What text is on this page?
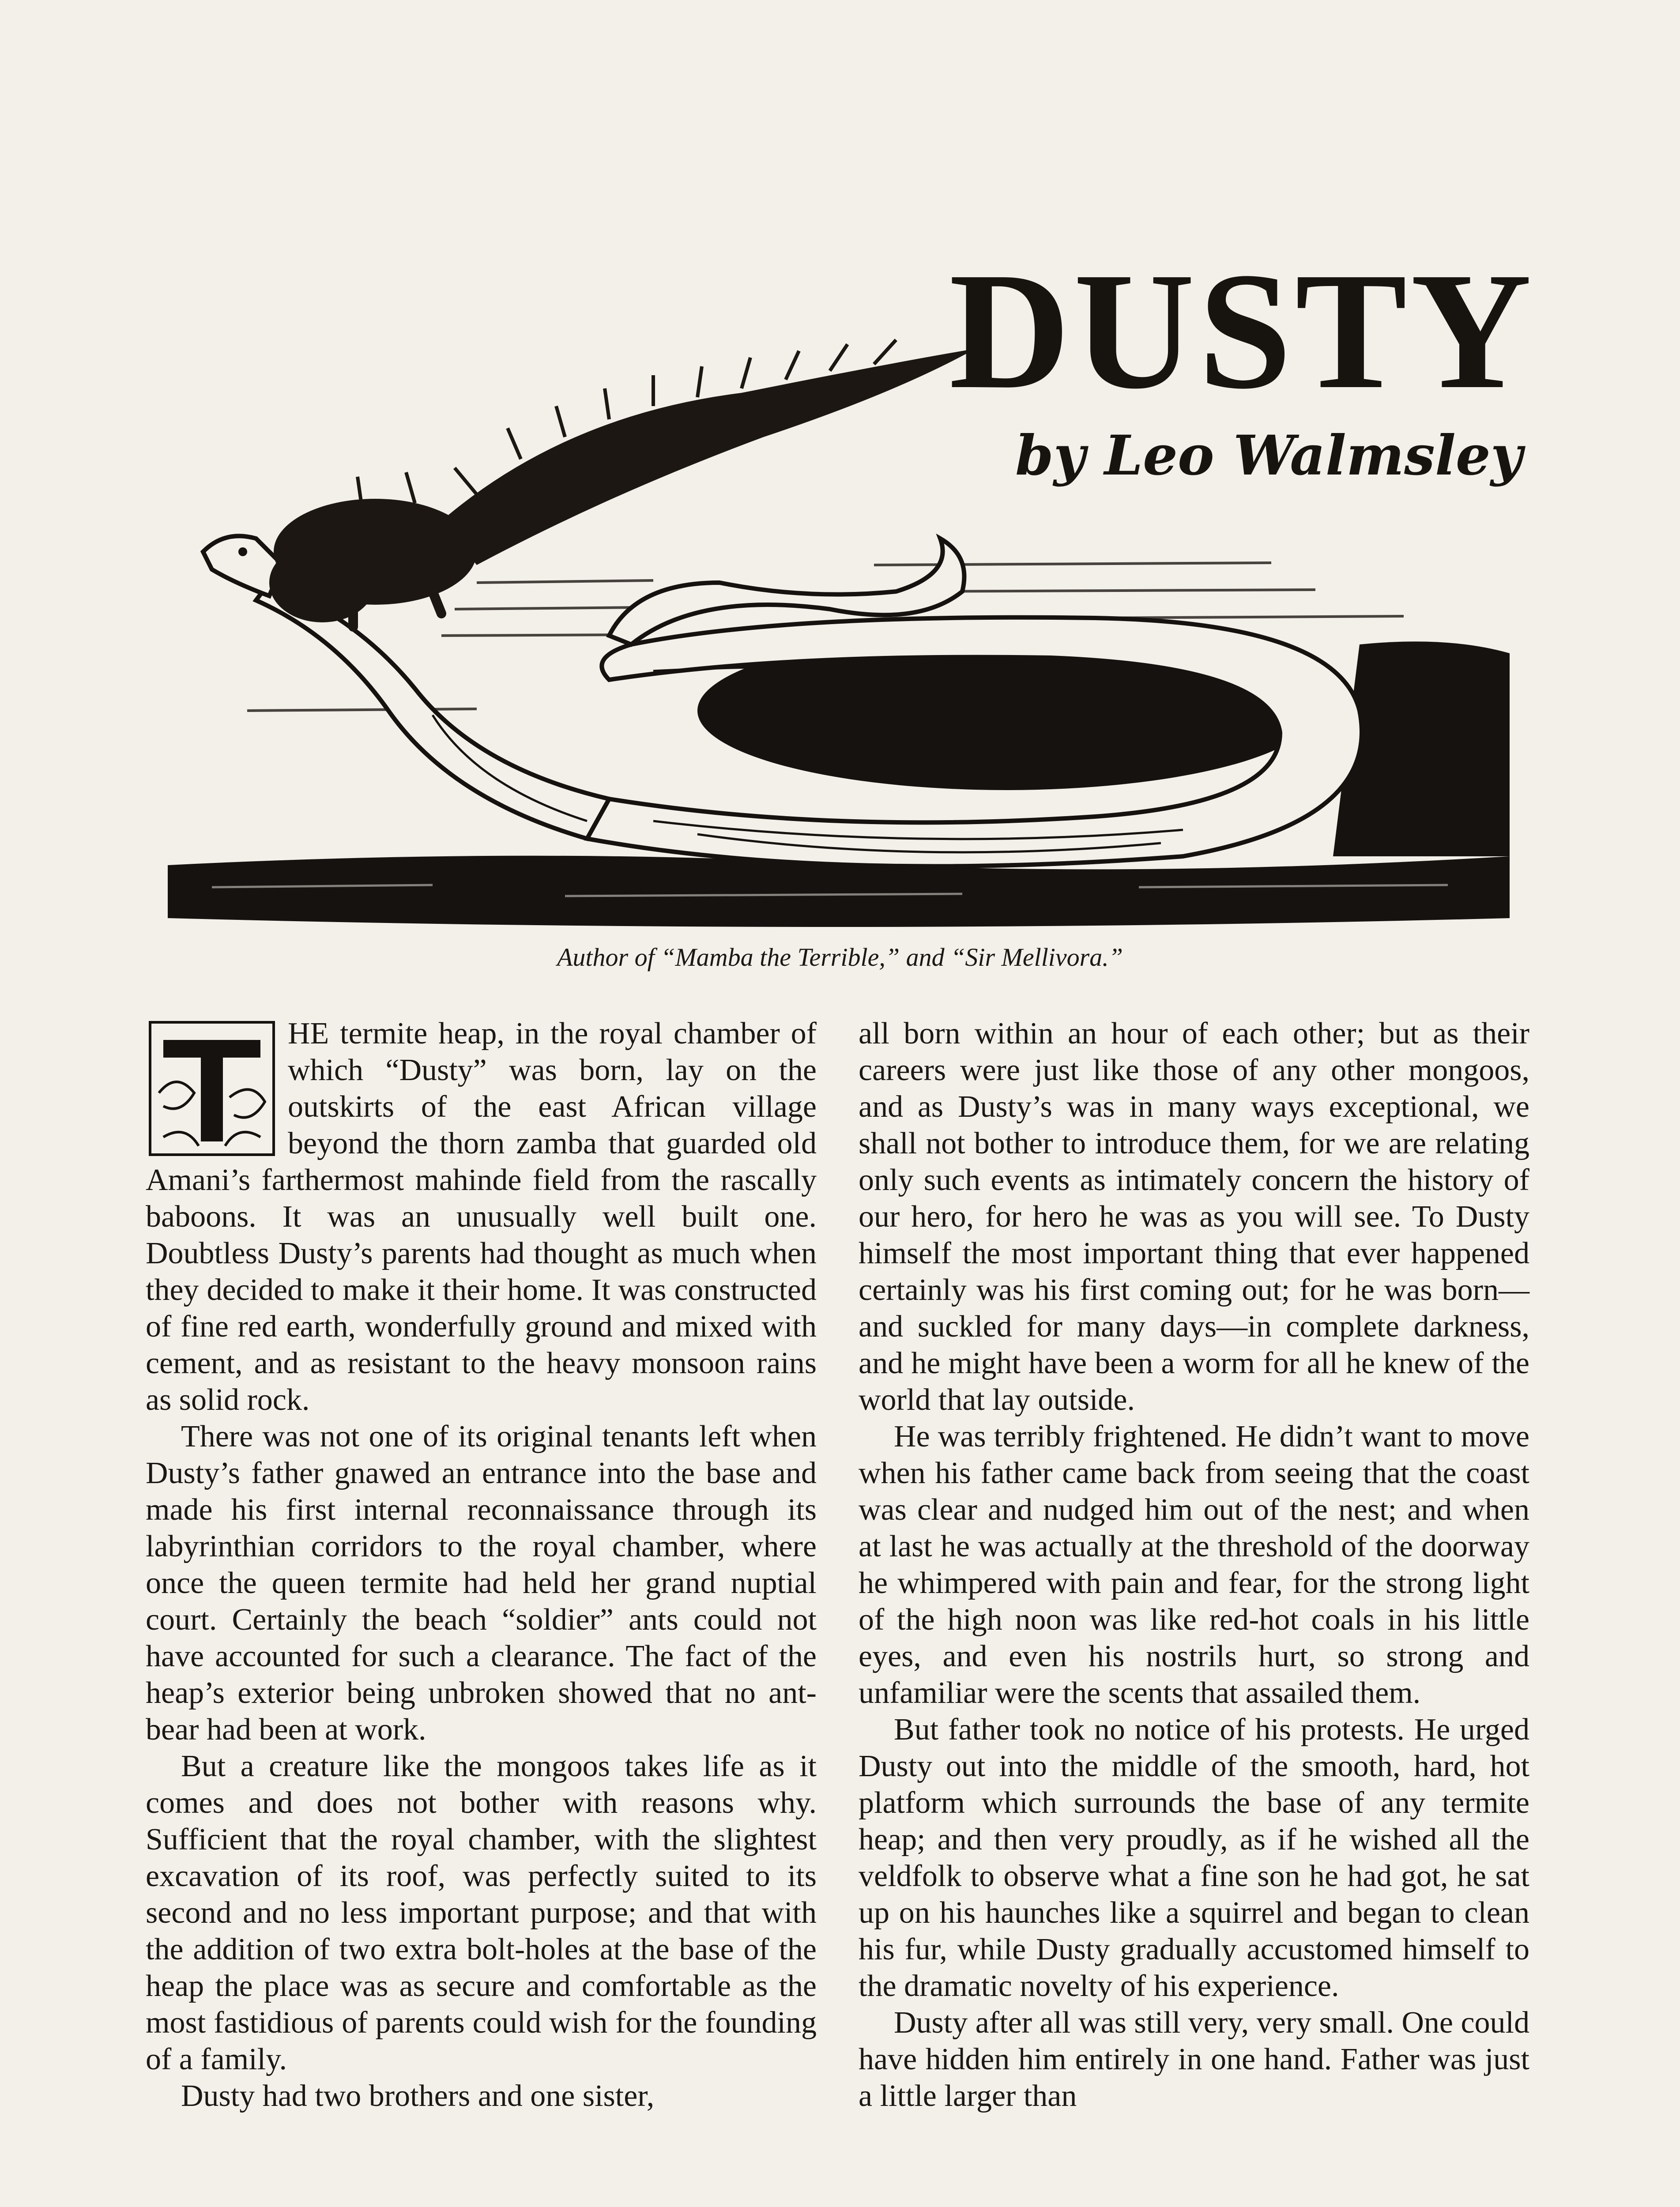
DUSTY

by Leo Walmsley

Author of “Mamba the Terrible,” and “Sir Mellivora.”

HE termite heap, in the royal chamber of which “Dusty” was born, lay on the outskirts of the east African village beyond the thorn zamba that guarded old Amani’s farthermost mahinde field from the rascally baboons. It was an unusually well built one. Doubtless Dusty’s parents had thought as much when they decided to make it their home. It was constructed of fine red earth, wonderfully ground and mixed with cement, and as resistant to the heavy monsoon rains as solid rock.

There was not one of its original tenants left when Dusty’s father gnawed an entrance into the base and made his first internal reconnaissance through its labyrinthian corridors to the royal chamber, where once the queen termite had held her grand nuptial court. Certainly the beach “soldier” ants could not have accounted for such a clearance. The fact of the heap’s exterior being unbroken showed that no ant-bear had been at work.

But a creature like the mongoos takes life as it comes and does not bother with reasons why. Sufficient that the royal chamber, with the slightest excavation of its roof, was perfectly suited to its second and no less important purpose; and that with the addition of two extra bolt-holes at the base of the heap the place was as secure and comfortable as the most fastidious of parents could wish for the founding of a family.

Dusty had two brothers and one sister,

all born within an hour of each other; but as their careers were just like those of any other mongoos, and as Dusty’s was in many ways exceptional, we shall not bother to introduce them, for we are relating only such events as intimately concern the history of our hero, for hero he was as you will see. To Dusty himself the most important thing that ever happened certainly was his first coming out; for he was born—and suckled for many days—in complete darkness, and he might have been a worm for all he knew of the world that lay outside.

He was terribly frightened. He didn’t want to move when his father came back from seeing that the coast was clear and nudged him out of the nest; and when at last he was actually at the threshold of the doorway he whimpered with pain and fear, for the strong light of the high noon was like red-hot coals in his little eyes, and even his nostrils hurt, so strong and unfamiliar were the scents that assailed them.

But father took no notice of his protests. He urged Dusty out into the middle of the smooth, hard, hot platform which surrounds the base of any termite heap; and then very proudly, as if he wished all the veldfolk to observe what a fine son he had got, he sat up on his haunches like a squirrel and began to clean his fur, while Dusty gradually accustomed himself to the dramatic novelty of his experience.

Dusty after all was still very, very small. One could have hidden him entirely in one hand. Father was just a little larger than
